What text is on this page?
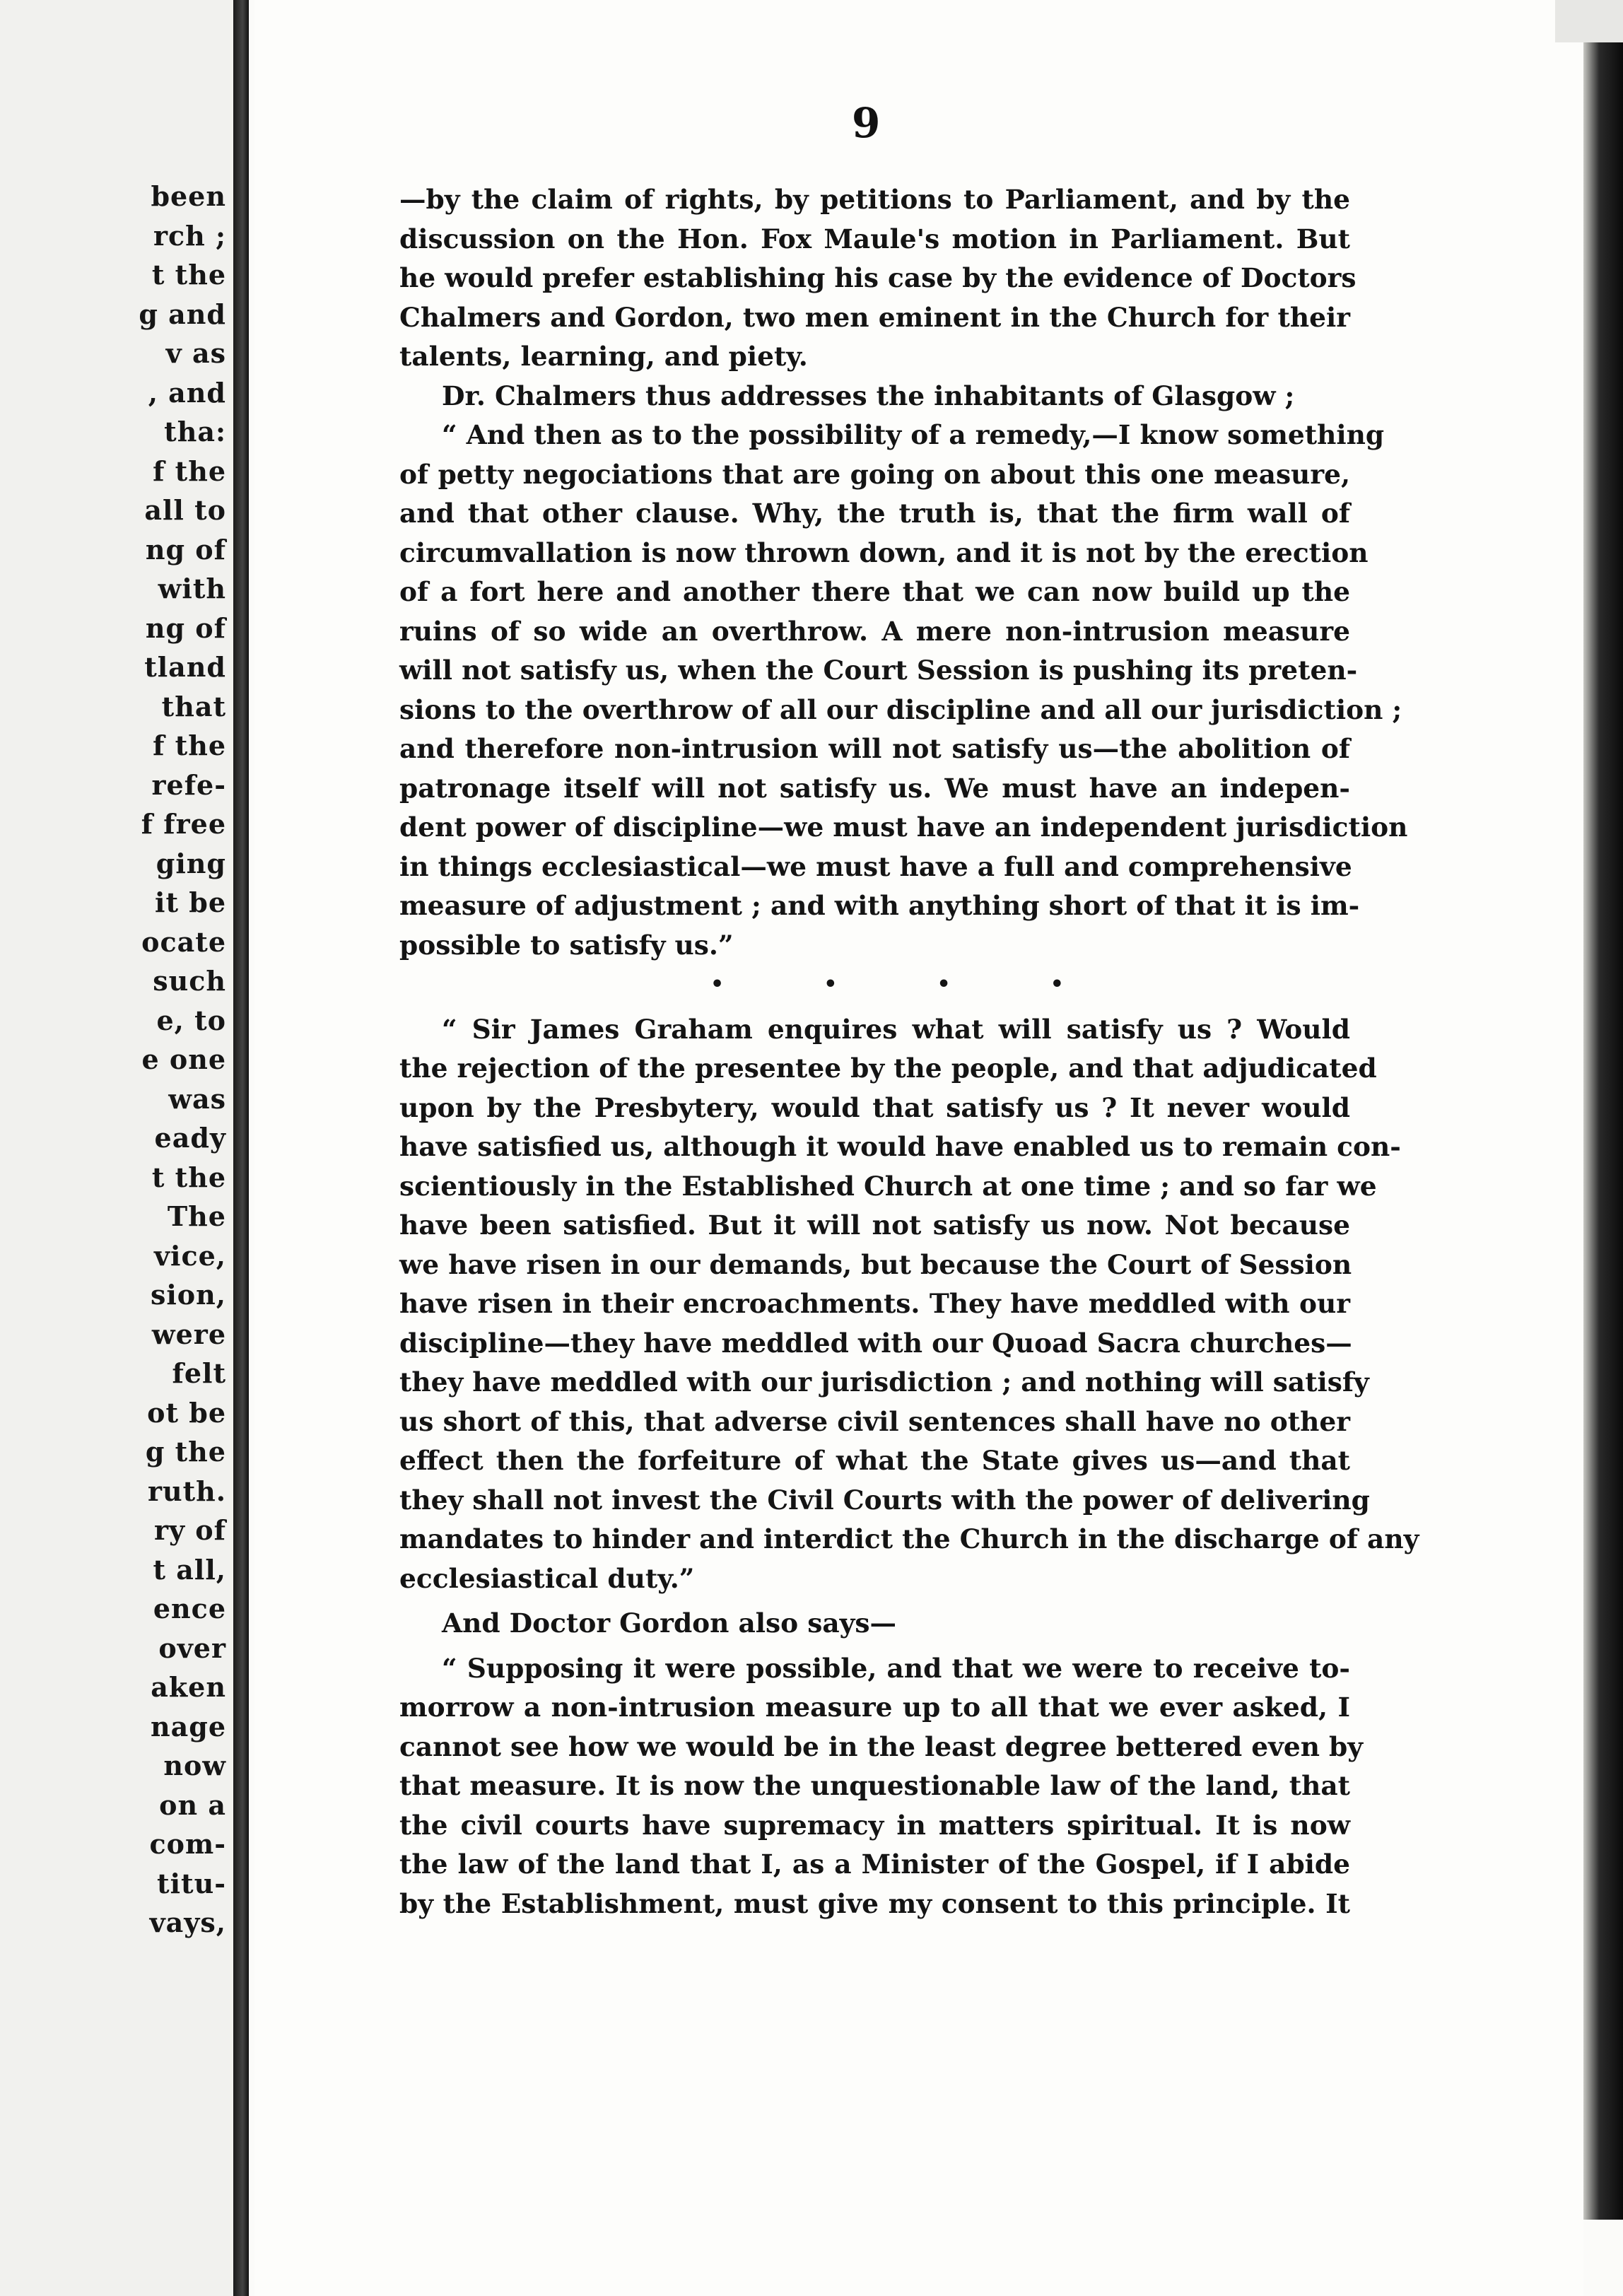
been
rch ;
t the
g and
v as
, and
tha:
f the
all to
ng of
with
ng of
tland
that
f the
refe-
f free
ging
it be
ocate
such
e, to
e one
was
eady
t the
The
vice,
sion,
were
felt
ot be
g the
ruth.
ry of
t all,
ence
over
aken
nage
now
on a
com-
titu-
vays,
9
—by the claim of rights, by petitions to Parliament, and by the
discussion on the Hon. Fox Maule's motion in Parliament. But
he would prefer establishing his case by the evidence of Doctors
Chalmers and Gordon, two men eminent in the Church for their
talents, learning, and piety.
Dr. Chalmers thus addresses the inhabitants of Glasgow ;
“ And then as to the possibility of a remedy,—I know something
of petty negociations that are going on about this one measure,
and that other clause. Why, the truth is, that the firm wall of
circumvallation is now thrown down, and it is not by the erection
of a fort here and another there that we can now build up the
ruins of so wide an overthrow. A mere non-intrusion measure
will not satisfy us, when the Court Session is pushing its preten-
sions to the overthrow of all our discipline and all our jurisdiction ;
and therefore non-intrusion will not satisfy us—the abolition of
patronage itself will not satisfy us. We must have an indepen-
dent power of discipline—we must have an independent jurisdiction
in things ecclesiastical—we must have a full and comprehensive
measure of adjustment ; and with anything short of that it is im-
possible to satisfy us.”
•	•	•	•
“ Sir James Graham enquires what will satisfy us ? Would
the rejection of the presentee by the people, and that adjudicated
upon by the Presbytery, would that satisfy us ? It never would
have satisfied us, although it would have enabled us to remain con-
scientiously in the Established Church at one time ; and so far we
have been satisfied. But it will not satisfy us now. Not because
we have risen in our demands, but because the Court of Session
have risen in their encroachments. They have meddled with our
discipline—they have meddled with our Quoad Sacra churches—
they have meddled with our jurisdiction ; and nothing will satisfy
us short of this, that adverse civil sentences shall have no other
effect then the forfeiture of what the State gives us—and that
they shall not invest the Civil Courts with the power of delivering
mandates to hinder and interdict the Church in the discharge of any
ecclesiastical duty.”
And Doctor Gordon also says—
“ Supposing it were possible, and that we were to receive to-
morrow a non-intrusion measure up to all that we ever asked, I
cannot see how we would be in the least degree bettered even by
that measure. It is now the unquestionable law of the land, that
the civil courts have supremacy in matters spiritual. It is now
the law of the land that I, as a Minister of the Gospel, if I abide
by the Establishment, must give my consent to this principle. It
